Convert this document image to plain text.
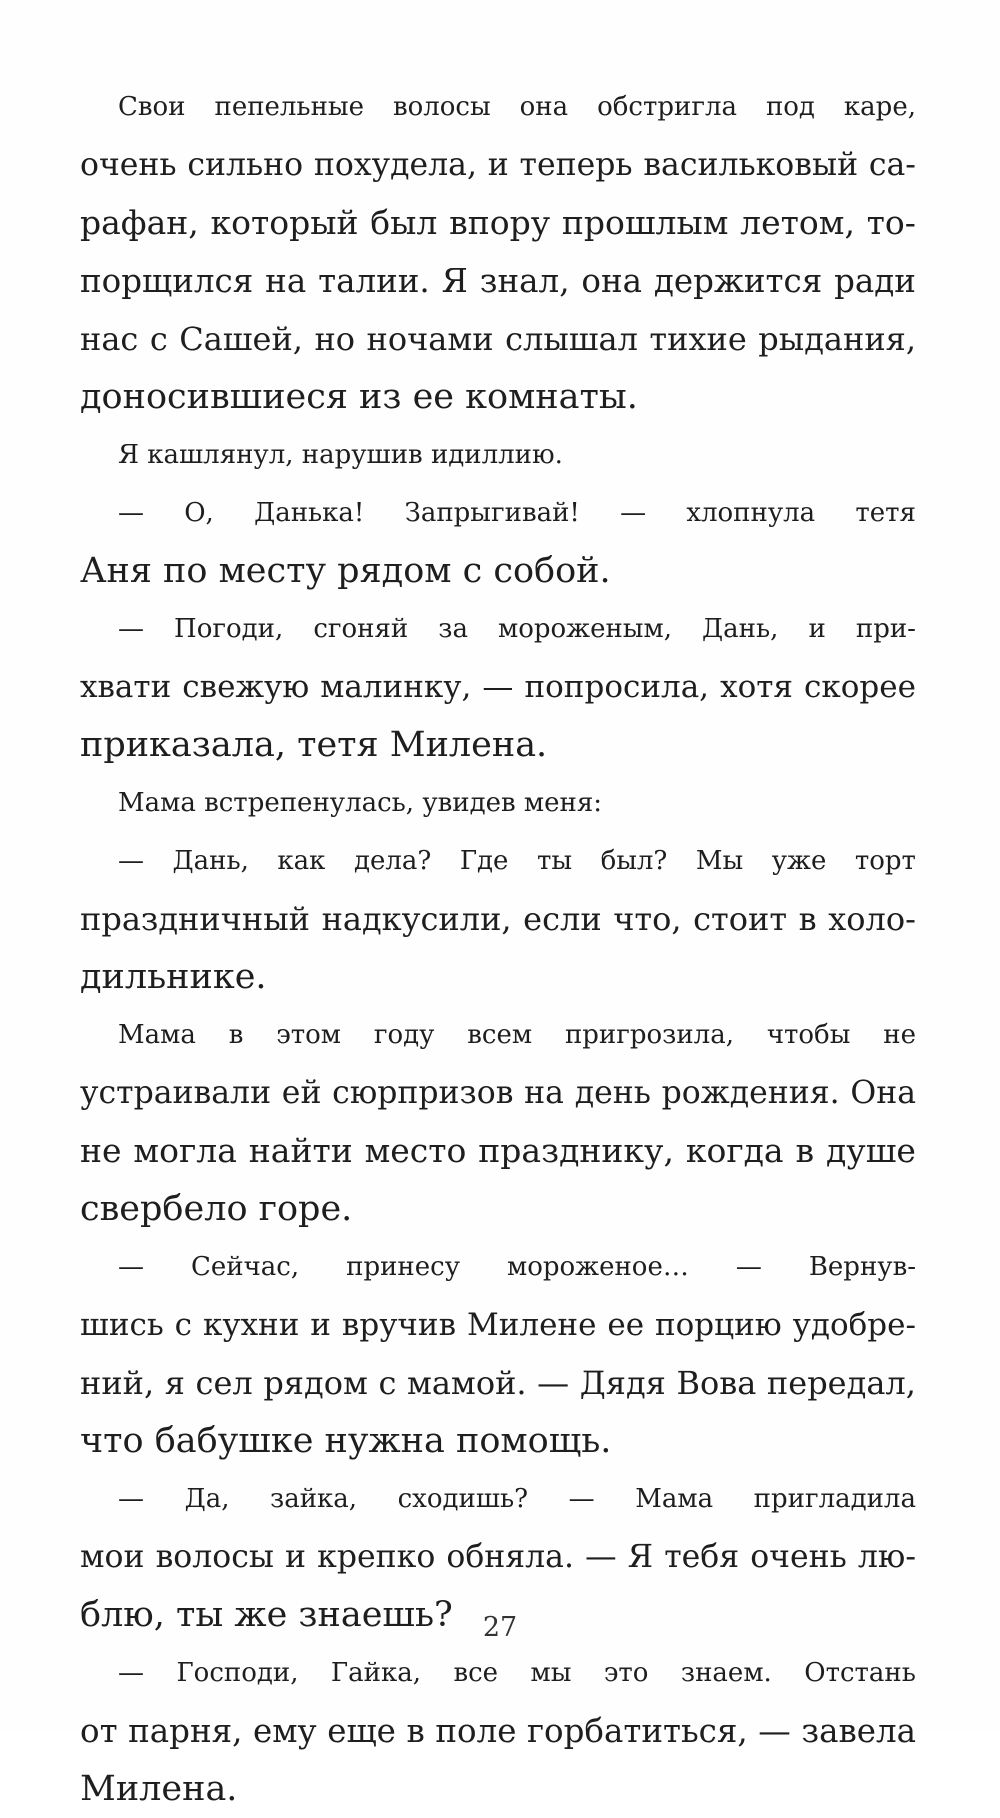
Свои пепельные волосы она обстригла под каре,
очень сильно похудела, и теперь васильковый са-
рафан, который был впору прошлым летом, то-
порщился на талии. Я знал, она держится ради
нас с Сашей, но ночами слышал тихие рыдания,
доносившиеся из ее комнаты.
Я кашлянул, нарушив идиллию.
— О, Данька! Запрыгивай! — хлопнула тетя
Аня по месту рядом с собой.
— Погоди, сгоняй за мороженым, Дань, и при-
хвати свежую малинку, — попросила, хотя скорее
приказала, тетя Милена.
Мама встрепенулась, увидев меня:
— Дань, как дела? Где ты был? Мы уже торт
праздничный надкусили, если что, стоит в холо-
дильнике.
Мама в этом году всем пригрозила, чтобы не
устраивали ей сюрпризов на день рождения. Она
не могла найти место празднику, когда в душе
свербело горе.
— Сейчас, принесу мороженое… — Вернув-
шись с кухни и вручив Милене ее порцию удобре-
ний, я сел рядом с мамой. — Дядя Вова передал,
что бабушке нужна помощь.
— Да, зайка, сходишь? — Мама пригладила
мои волосы и крепко обняла. — Я тебя очень лю-
блю, ты же знаешь?
— Господи, Гайка, все мы это знаем. Отстань
от парня, ему еще в поле горбатиться, — завела
Милена.
27
